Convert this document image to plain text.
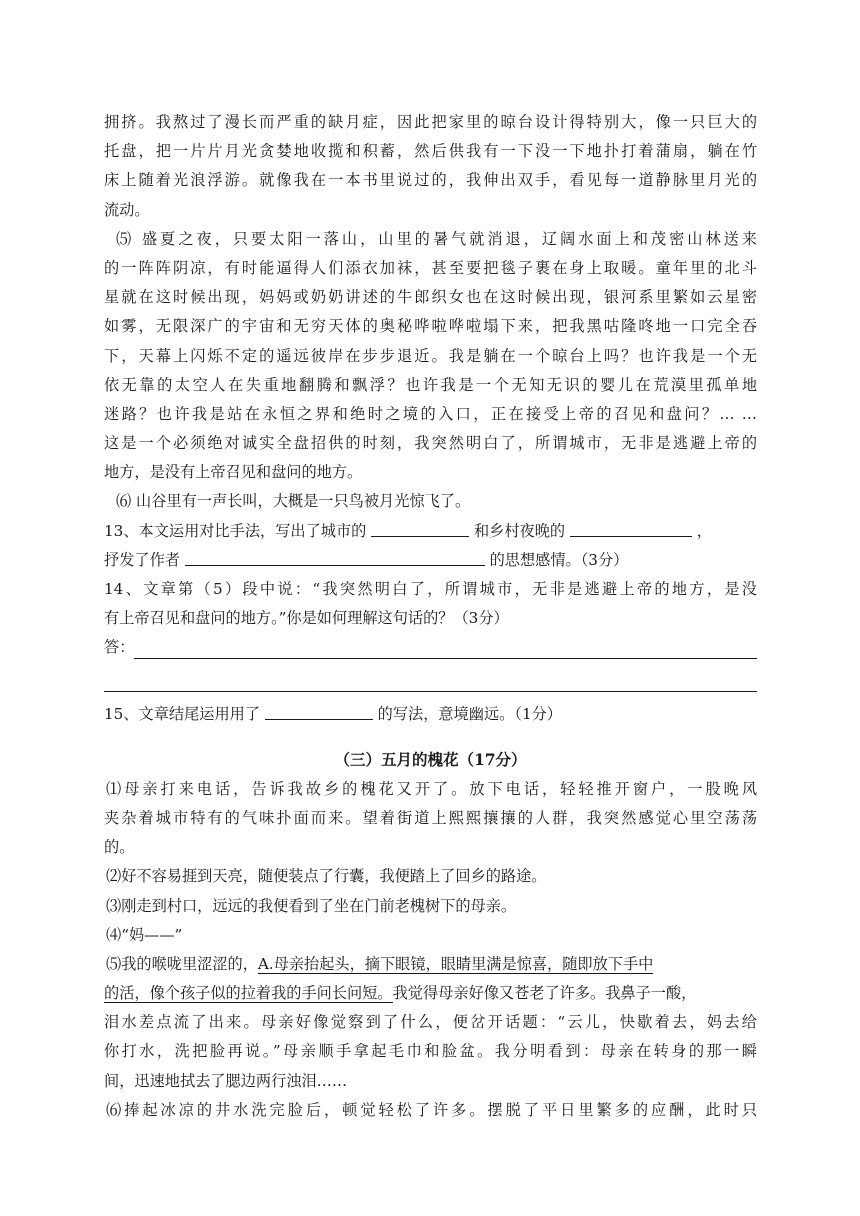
拥挤。我熬过了漫长而严重的缺月症，因此把家里的晾台设计得特别大，像一只巨大的
托盘，把一片片月光贪婪地收揽和积蓄，然后供我有一下没一下地扑打着蒲扇，躺在竹
床上随着光浪浮游。就像我在一本书里说过的，我伸出双手，看见每一道静脉里月光的
流动。
⑸ 盛夏之夜，只要太阳一落山，山里的暑气就消退，辽阔水面上和茂密山林送来
的一阵阵阴凉，有时能逼得人们添衣加袜，甚至要把毯子裹在身上取暖。童年里的北斗
星就在这时候出现，妈妈或奶奶讲述的牛郎织女也在这时候出现，银河系里繁如云星密
如雾，无限深广的宇宙和无穷天体的奥秘哗啦哗啦塌下来，把我黑咕隆咚地一口完全吞
下，天幕上闪烁不定的遥远彼岸在步步退近。我是躺在一个晾台上吗？也许我是一个无
依无靠的太空人在失重地翻腾和飘浮？也许我是一个无知无识的婴儿在荒漠里孤单地
迷路？也许我是站在永恒之界和绝时之境的入口，正在接受上帝的召见和盘问？… …
这是一个必须绝对诚实全盘招供的时刻，我突然明白了，所谓城市，无非是逃避上帝的
地方，是没有上帝召见和盘问的地方。
⑹ 山谷里有一声长叫，大概是一只鸟被月光惊飞了。
13、本文运用对比手法，写出了城市的	和乡村夜晚的	，
抒发了作者	的思想感情。（3分）
14、文章第（5）段中说：“我突然明白了，所谓城市，无非是逃避上帝的地方，是没
有上帝召见和盘问的地方。”你是如何理解这句话的？（3分）
答：
15、文章结尾运用用了	的写法，意境幽远。（1分）
（三）五月的槐花（17分）
⑴母亲打来电话，告诉我故乡的槐花又开了。放下电话，轻轻推开窗户，一股晚风
夹杂着城市特有的气味扑面而来。望着街道上熙熙攘攘的人群，我突然感觉心里空荡荡
的。
⑵好不容易捱到天亮，随便装点了行囊，我便踏上了回乡的路途。
⑶刚走到村口，远远的我便看到了坐在门前老槐树下的母亲。
⑷“妈——”
⑸我的喉咙里涩涩的，A.母亲抬起头，摘下眼镜，眼睛里满是惊喜，随即放下手中
的活，像个孩子似的拉着我的手问长问短。我觉得母亲好像又苍老了许多。我鼻子一酸，
泪水差点流了出来。母亲好像觉察到了什么，便岔开话题：“云儿，快歇着去，妈去给
你打水，洗把脸再说。”母亲顺手拿起毛巾和脸盆。我分明看到：母亲在转身的那一瞬
间，迅速地拭去了腮边两行浊泪……
⑹捧起冰凉的井水洗完脸后，顿觉轻松了许多。摆脱了平日里繁多的应酬，此时只
